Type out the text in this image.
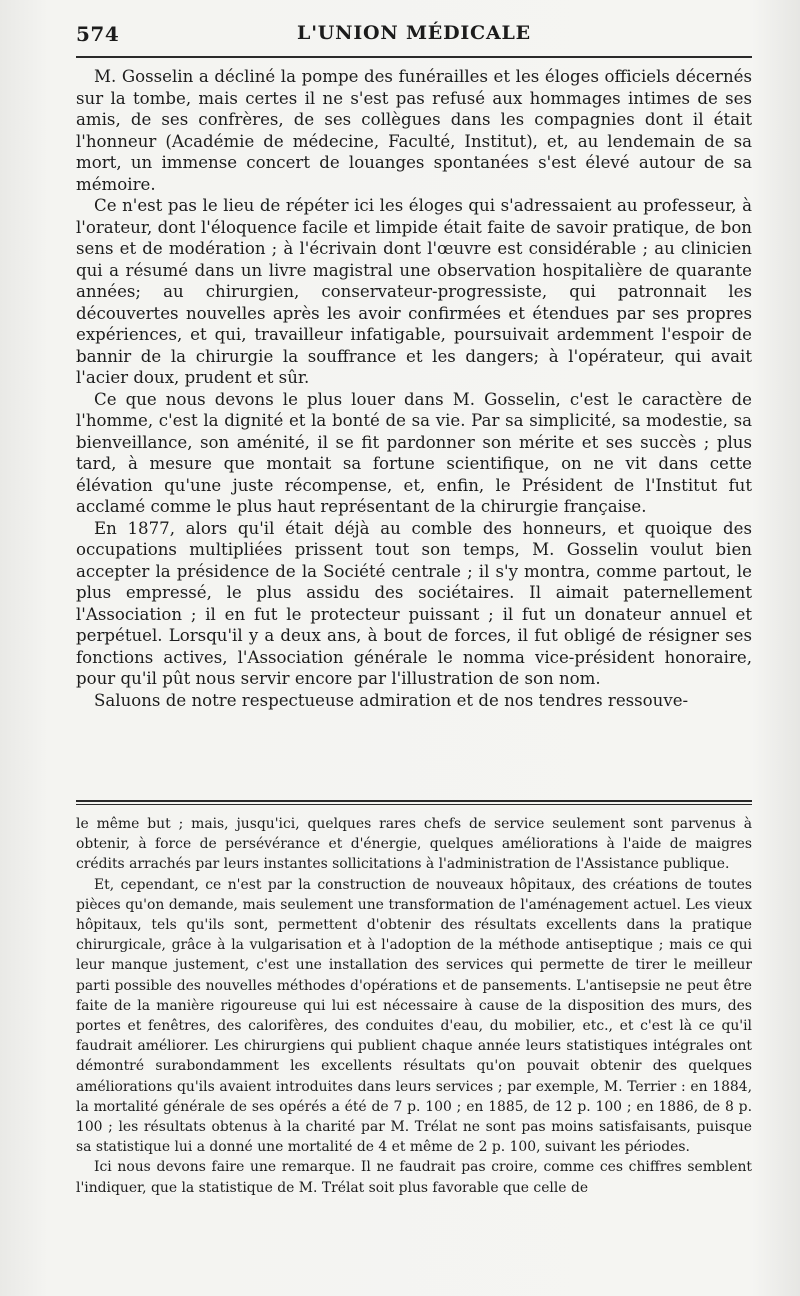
574	L'UNION MÉDICALE

M. Gosselin a décliné la pompe des funérailles et les éloges officiels décernés sur la tombe, mais certes il ne s'est pas refusé aux hommages intimes de ses amis, de ses confrères, de ses collègues dans les compagnies dont il était l'honneur (Académie de médecine, Faculté, Institut), et, au lendemain de sa mort, un immense concert de louanges spontanées s'est élevé autour de sa mémoire.

Ce n'est pas le lieu de répéter ici les éloges qui s'adressaient au professeur, à l'orateur, dont l'éloquence facile et limpide était faite de savoir pratique, de bon sens et de modération ; à l'écrivain dont l'œuvre est considérable ; au clinicien qui a résumé dans un livre magistral une observation hospitalière de quarante années; au chirurgien, conservateur-progressiste, qui patronnait les découvertes nouvelles après les avoir confirmées et étendues par ses propres expériences, et qui, travailleur infatigable, poursuivait ardemment l'espoir de bannir de la chirurgie la souffrance et les dangers; à l'opérateur, qui avait l'acier doux, prudent et sûr.

Ce que nous devons le plus louer dans M. Gosselin, c'est le caractère de l'homme, c'est la dignité et la bonté de sa vie. Par sa simplicité, sa modestie, sa bienveillance, son aménité, il se fit pardonner son mérite et ses succès ; plus tard, à mesure que montait sa fortune scientifique, on ne vit dans cette élévation qu'une juste récompense, et, enfin, le Président de l'Institut fut acclamé comme le plus haut représentant de la chirurgie française.

En 1877, alors qu'il était déjà au comble des honneurs, et quoique des occupations multipliées prissent tout son temps, M. Gosselin voulut bien accepter la présidence de la Société centrale ; il s'y montra, comme partout, le plus empressé, le plus assidu des sociétaires. Il aimait paternellement l'Association ; il en fut le protecteur puissant ; il fut un donateur annuel et perpétuel. Lorsqu'il y a deux ans, à bout de forces, il fut obligé de résigner ses fonctions actives, l'Association générale le nomma vice-président honoraire, pour qu'il pût nous servir encore par l'illustration de son nom.

Saluons de notre respectueuse admiration et de nos tendres ressouve-

le même but ; mais, jusqu'ici, quelques rares chefs de service seulement sont parvenus à obtenir, à force de persévérance et d'énergie, quelques améliorations à l'aide de maigres crédits arrachés par leurs instantes sollicitations à l'administration de l'Assistance publique.

Et, cependant, ce n'est par la construction de nouveaux hôpitaux, des créations de toutes pièces qu'on demande, mais seulement une transformation de l'aménagement actuel. Les vieux hôpitaux, tels qu'ils sont, permettent d'obtenir des résultats excellents dans la pratique chirurgicale, grâce à la vulgarisation et à l'adoption de la méthode antiseptique ; mais ce qui leur manque justement, c'est une installation des services qui permette de tirer le meilleur parti possible des nouvelles méthodes d'opérations et de pansements. L'antisepsie ne peut être faite de la manière rigoureuse qui lui est nécessaire à cause de la disposition des murs, des portes et fenêtres, des calorifères, des conduites d'eau, du mobilier, etc., et c'est là ce qu'il faudrait améliorer. Les chirurgiens qui publient chaque année leurs statistiques intégrales ont démontré surabondamment les excellents résultats qu'on pouvait obtenir des quelques améliorations qu'ils avaient introduites dans leurs services ; par exemple, M. Terrier : en 1884, la mortalité générale de ses opérés a été de 7 p. 100 ; en 1885, de 12 p. 100 ; en 1886, de 8 p. 100 ; les résultats obtenus à la charité par M. Trélat ne sont pas moins satisfaisants, puisque sa statistique lui a donné une mortalité de 4 et même de 2 p. 100, suivant les périodes.

Ici nous devons faire une remarque. Il ne faudrait pas croire, comme ces chiffres semblent l'indiquer, que la statistique de M. Trélat soit plus favorable que celle de
